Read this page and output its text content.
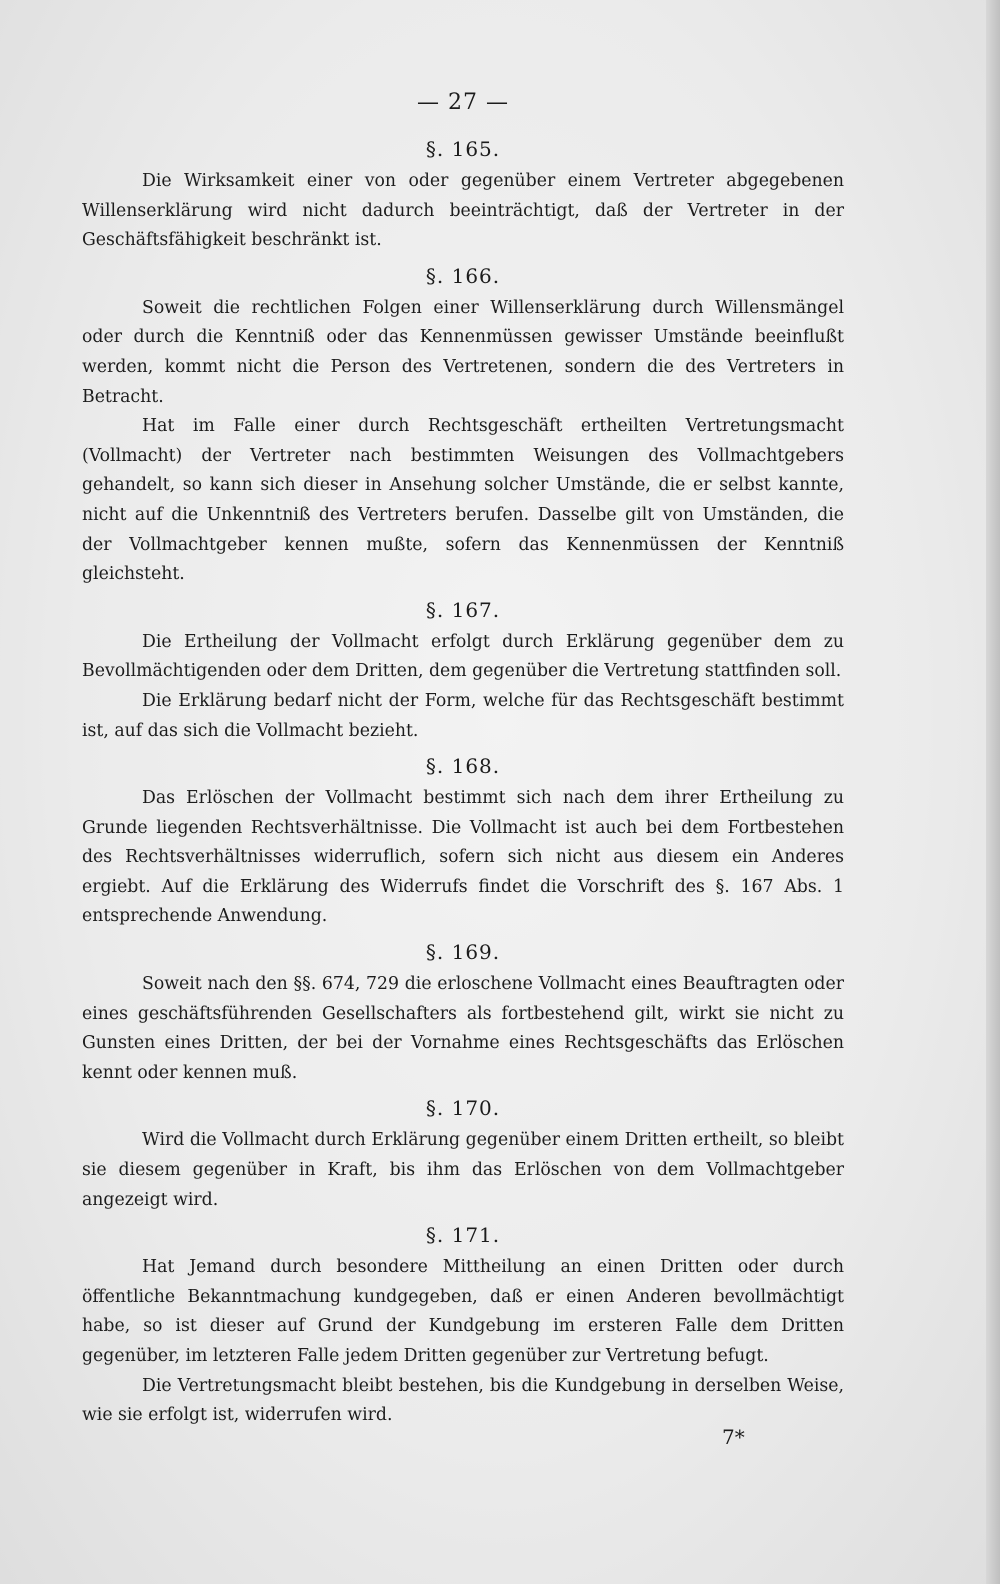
— 27 —
§. 165.

Die Wirksamkeit einer von oder gegenüber einem Vertreter abgegebenen Willenserklärung wird nicht dadurch beeinträchtigt, daß der Vertreter in der Geschäftsfähigkeit beschränkt ist.

§. 166.

Soweit die rechtlichen Folgen einer Willenserklärung durch Willensmängel oder durch die Kenntniß oder das Kennenmüssen gewisser Umstände beeinflußt werden, kommt nicht die Person des Vertretenen, sondern die des Vertreters in Betracht.

Hat im Falle einer durch Rechtsgeschäft ertheilten Vertretungsmacht (Vollmacht) der Vertreter nach bestimmten Weisungen des Vollmachtgebers gehandelt, so kann sich dieser in Ansehung solcher Umstände, die er selbst kannte, nicht auf die Unkenntniß des Vertreters berufen. Dasselbe gilt von Umständen, die der Vollmachtgeber kennen mußte, sofern das Kennenmüssen der Kenntniß gleichsteht.

§. 167.

Die Ertheilung der Vollmacht erfolgt durch Erklärung gegenüber dem zu Bevollmächtigenden oder dem Dritten, dem gegenüber die Vertretung stattfinden soll.

Die Erklärung bedarf nicht der Form, welche für das Rechtsgeschäft bestimmt ist, auf das sich die Vollmacht bezieht.

§. 168.

Das Erlöschen der Vollmacht bestimmt sich nach dem ihrer Ertheilung zu Grunde liegenden Rechtsverhältnisse. Die Vollmacht ist auch bei dem Fortbestehen des Rechtsverhältnisses widerruflich, sofern sich nicht aus diesem ein Anderes ergiebt. Auf die Erklärung des Widerrufs findet die Vorschrift des §. 167 Abs. 1 entsprechende Anwendung.

§. 169.

Soweit nach den §§. 674, 729 die erloschene Vollmacht eines Beauftragten oder eines geschäftsführenden Gesellschafters als fortbestehend gilt, wirkt sie nicht zu Gunsten eines Dritten, der bei der Vornahme eines Rechtsgeschäfts das Erlöschen kennt oder kennen muß.

§. 170.

Wird die Vollmacht durch Erklärung gegenüber einem Dritten ertheilt, so bleibt sie diesem gegenüber in Kraft, bis ihm das Erlöschen von dem Vollmachtgeber angezeigt wird.

§. 171.

Hat Jemand durch besondere Mittheilung an einen Dritten oder durch öffentliche Bekanntmachung kundgegeben, daß er einen Anderen bevollmächtigt habe, so ist dieser auf Grund der Kundgebung im ersteren Falle dem Dritten gegenüber, im letzteren Falle jedem Dritten gegenüber zur Vertretung befugt.

Die Vertretungsmacht bleibt bestehen, bis die Kundgebung in derselben Weise, wie sie erfolgt ist, widerrufen wird.

7*
